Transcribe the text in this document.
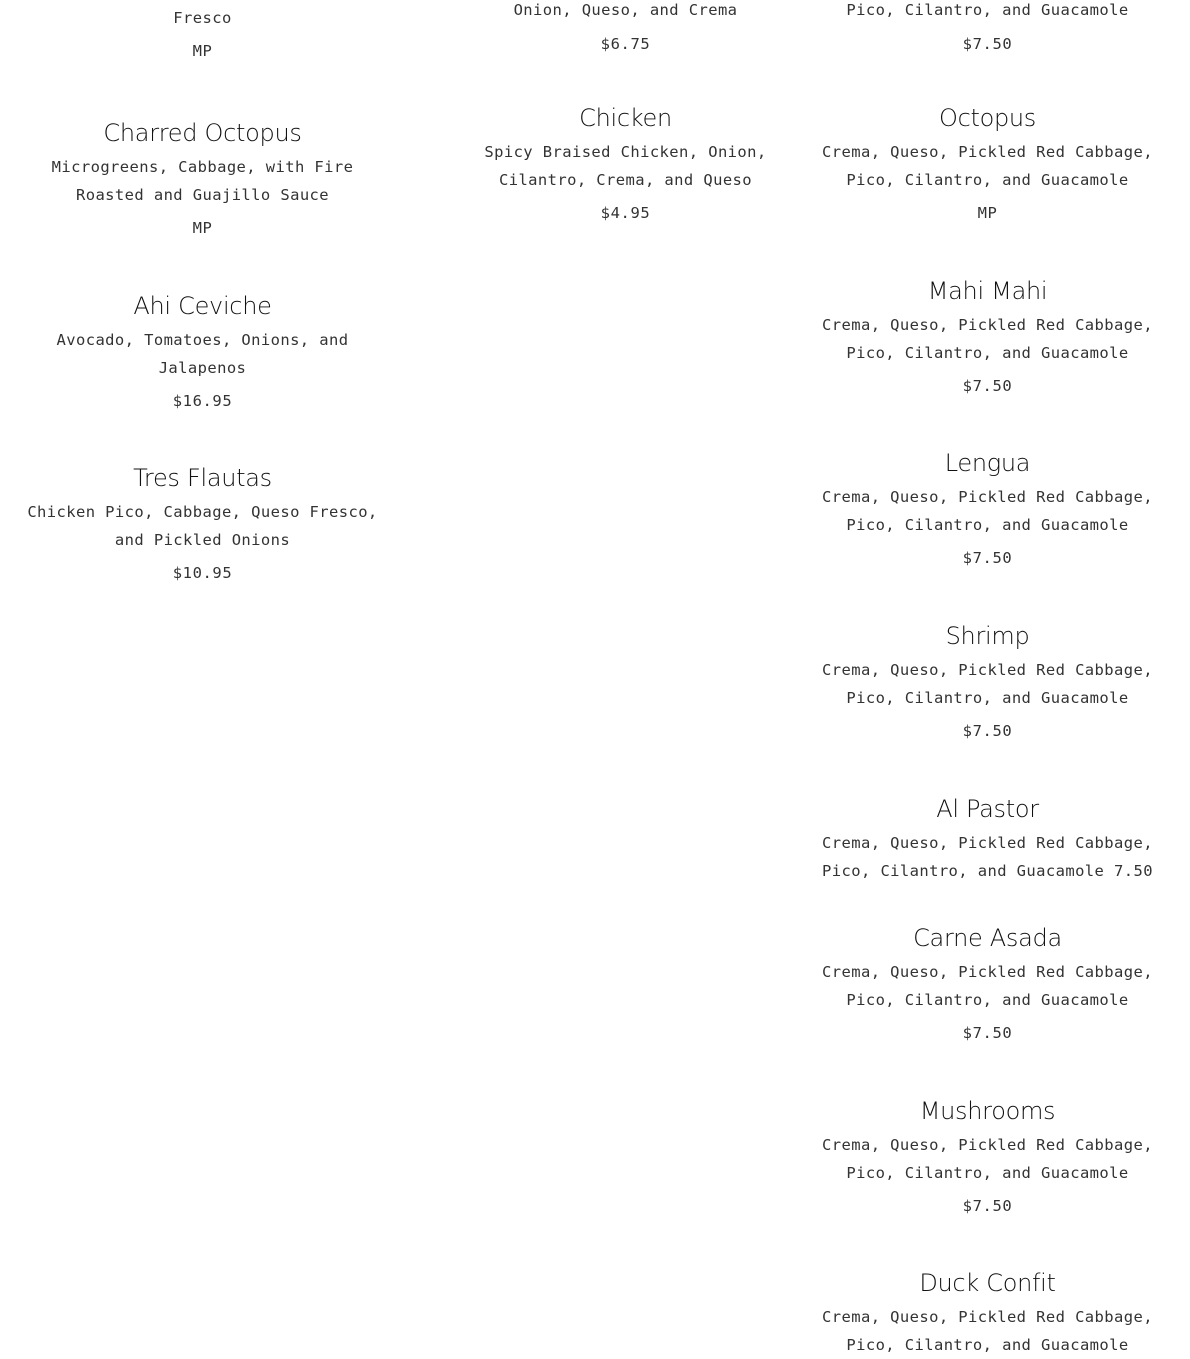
Fresco
MP
Charred Octopus
Microgreens, Cabbage, with Fire
Roasted and Guajillo Sauce
MP
Ahi Ceviche
Avocado, Tomatoes, Onions, and
Jalapenos
$16.95
Tres Flautas
Chicken Pico, Cabbage, Queso Fresco,
and Pickled Onions
$10.95
Onion, Queso, and Crema
$6.75
Chicken
Spicy Braised Chicken, Onion,
Cilantro, Crema, and Queso
$4.95
Pico, Cilantro, and Guacamole
$7.50
Octopus
Crema, Queso, Pickled Red Cabbage,
Pico, Cilantro, and Guacamole
MP
Mahi Mahi
Crema, Queso, Pickled Red Cabbage,
Pico, Cilantro, and Guacamole
$7.50
Lengua
Crema, Queso, Pickled Red Cabbage,
Pico, Cilantro, and Guacamole
$7.50
Shrimp
Crema, Queso, Pickled Red Cabbage,
Pico, Cilantro, and Guacamole
$7.50
Al Pastor
Crema, Queso, Pickled Red Cabbage,
Pico, Cilantro, and Guacamole 7.50
Carne Asada
Crema, Queso, Pickled Red Cabbage,
Pico, Cilantro, and Guacamole
$7.50
Mushrooms
Crema, Queso, Pickled Red Cabbage,
Pico, Cilantro, and Guacamole
$7.50
Duck Confit
Crema, Queso, Pickled Red Cabbage,
Pico, Cilantro, and Guacamole
